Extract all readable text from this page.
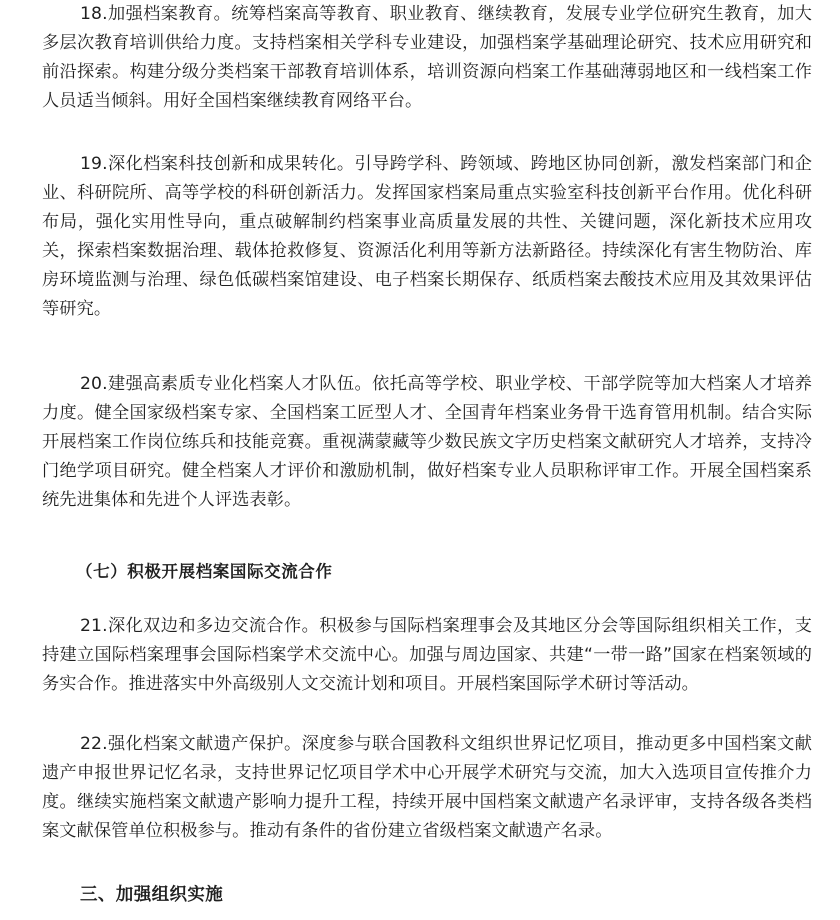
18.加强档案教育。统筹档案高等教育、职业教育、继续教育，发展专业学位研究生教育，加大多层次教育培训供给力度。支持档案相关学科专业建设，加强档案学基础理论研究、技术应用研究和前沿探索。构建分级分类档案干部教育培训体系，培训资源向档案工作基础薄弱地区和一线档案工作人员适当倾斜。用好全国档案继续教育网络平台。

19.深化档案科技创新和成果转化。引导跨学科、跨领域、跨地区协同创新，激发档案部门和企业、科研院所、高等学校的科研创新活力。发挥国家档案局重点实验室科技创新平台作用。优化科研布局，强化实用性导向，重点破解制约档案事业高质量发展的共性、关键问题，深化新技术应用攻关，探索档案数据治理、载体抢救修复、资源活化利用等新方法新路径。持续深化有害生物防治、库房环境监测与治理、绿色低碳档案馆建设、电子档案长期保存、纸质档案去酸技术应用及其效果评估等研究。

20.建强高素质专业化档案人才队伍。依托高等学校、职业学校、干部学院等加大档案人才培养力度。健全国家级档案专家、全国档案工匠型人才、全国青年档案业务骨干选育管用机制。结合实际开展档案工作岗位练兵和技能竞赛。重视满蒙藏等少数民族文字历史档案文献研究人才培养，支持冷门绝学项目研究。健全档案人才评价和激励机制，做好档案专业人员职称评审工作。开展全国档案系统先进集体和先进个人评选表彰。

（七）积极开展档案国际交流合作

21.深化双边和多边交流合作。积极参与国际档案理事会及其地区分会等国际组织相关工作，支持建立国际档案理事会国际档案学术交流中心。加强与周边国家、共建“一带一路”国家在档案领域的务实合作。推进落实中外高级别人文交流计划和项目。开展档案国际学术研讨等活动。

22.强化档案文献遗产保护。深度参与联合国教科文组织世界记忆项目，推动更多中国档案文献遗产申报世界记忆名录，支持世界记忆项目学术中心开展学术研究与交流，加大入选项目宣传推介力度。继续实施档案文献遗产影响力提升工程，持续开展中国档案文献遗产名录评审，支持各级各类档案文献保管单位积极参与。推动有条件的省份建立省级档案文献遗产名录。

三、加强组织实施
